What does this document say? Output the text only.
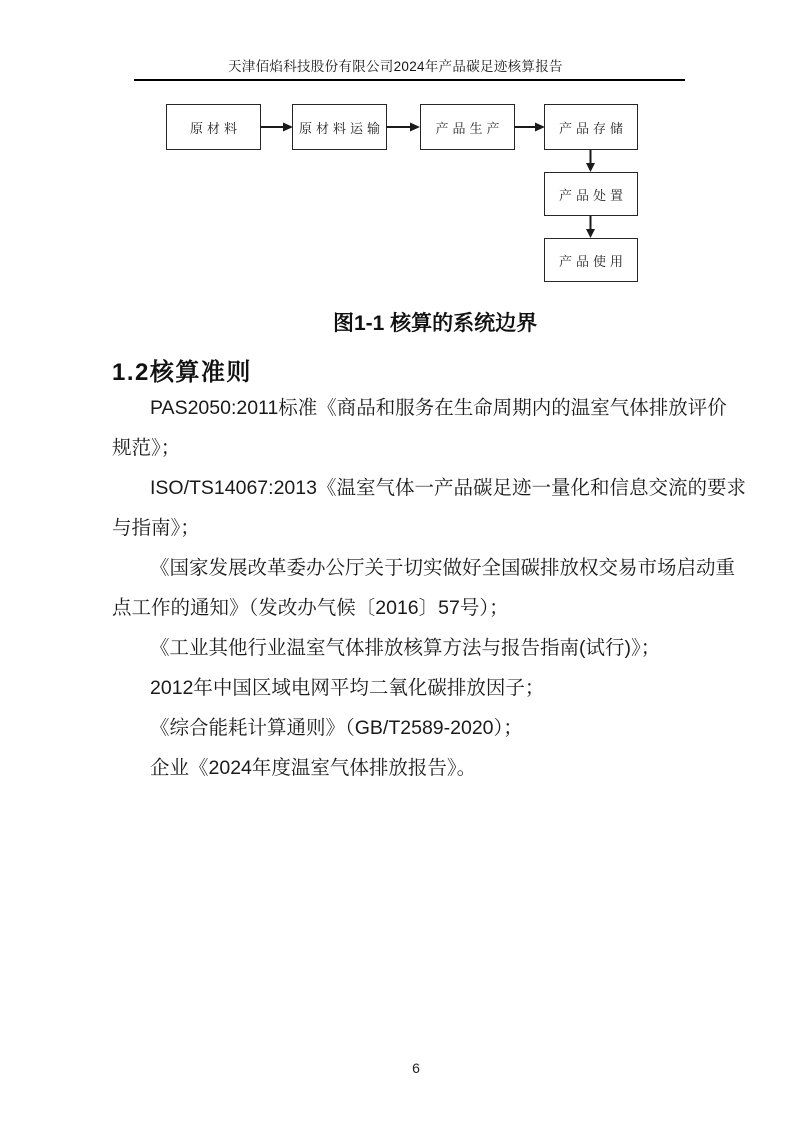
天津佰焰科技股份有限公司2024年产品碳足迹核算报告
原材料	原材料运输	产品生产	产品存储
产品处置
产品使用
图1-1 核算的系统边界
1.2核算准则
PAS2050:2011标准《商品和服务在生命周期内的温室气体排放评价
规范》；
ISO/TS14067:2013《温室气体一产品碳足迹一量化和信息交流的要求
与指南》；
《国家发展改革委办公厅关于切实做好全国碳排放权交易市场启动重
点工作的通知》（发改办气候〔2016〕57号）；
《工业其他行业温室气体排放核算方法与报告指南(试行)》；
2012年中国区域电网平均二氧化碳排放因子；
《综合能耗计算通则》（GB/T2589-2020）；
企业《2024年度温室气体排放报告》。
6
